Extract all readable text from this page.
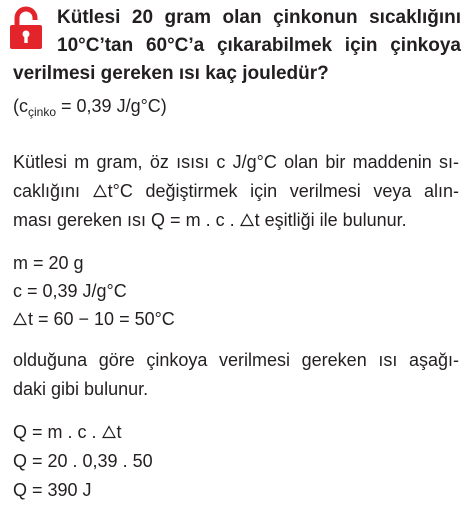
Kütlesi 20 gram olan çinkonun sıcaklığını
10°C’tan 60°C’a çıkarabilmek için çinkoya
verilmesi gereken ısı kaç jouledür?
($c_{çinko} = 0,39$ J/g°C)
Kütlesi m gram, öz ısısı c J/g°C olan bir maddenin sı-
caklığını t°C değiştirmek için verilmesi veya alın-
ması gereken ısı Q = m . c . t eşitliği ile bulunur.
m = 20 g
c = 0,39 J/g°C
t = 60 − 10 = 50°C
olduğuna göre çinkoya verilmesi gereken ısı aşağı-
daki gibi bulunur.
Q = m . c . t
Q = 20 . 0,39 . 50
Q = 390 J
